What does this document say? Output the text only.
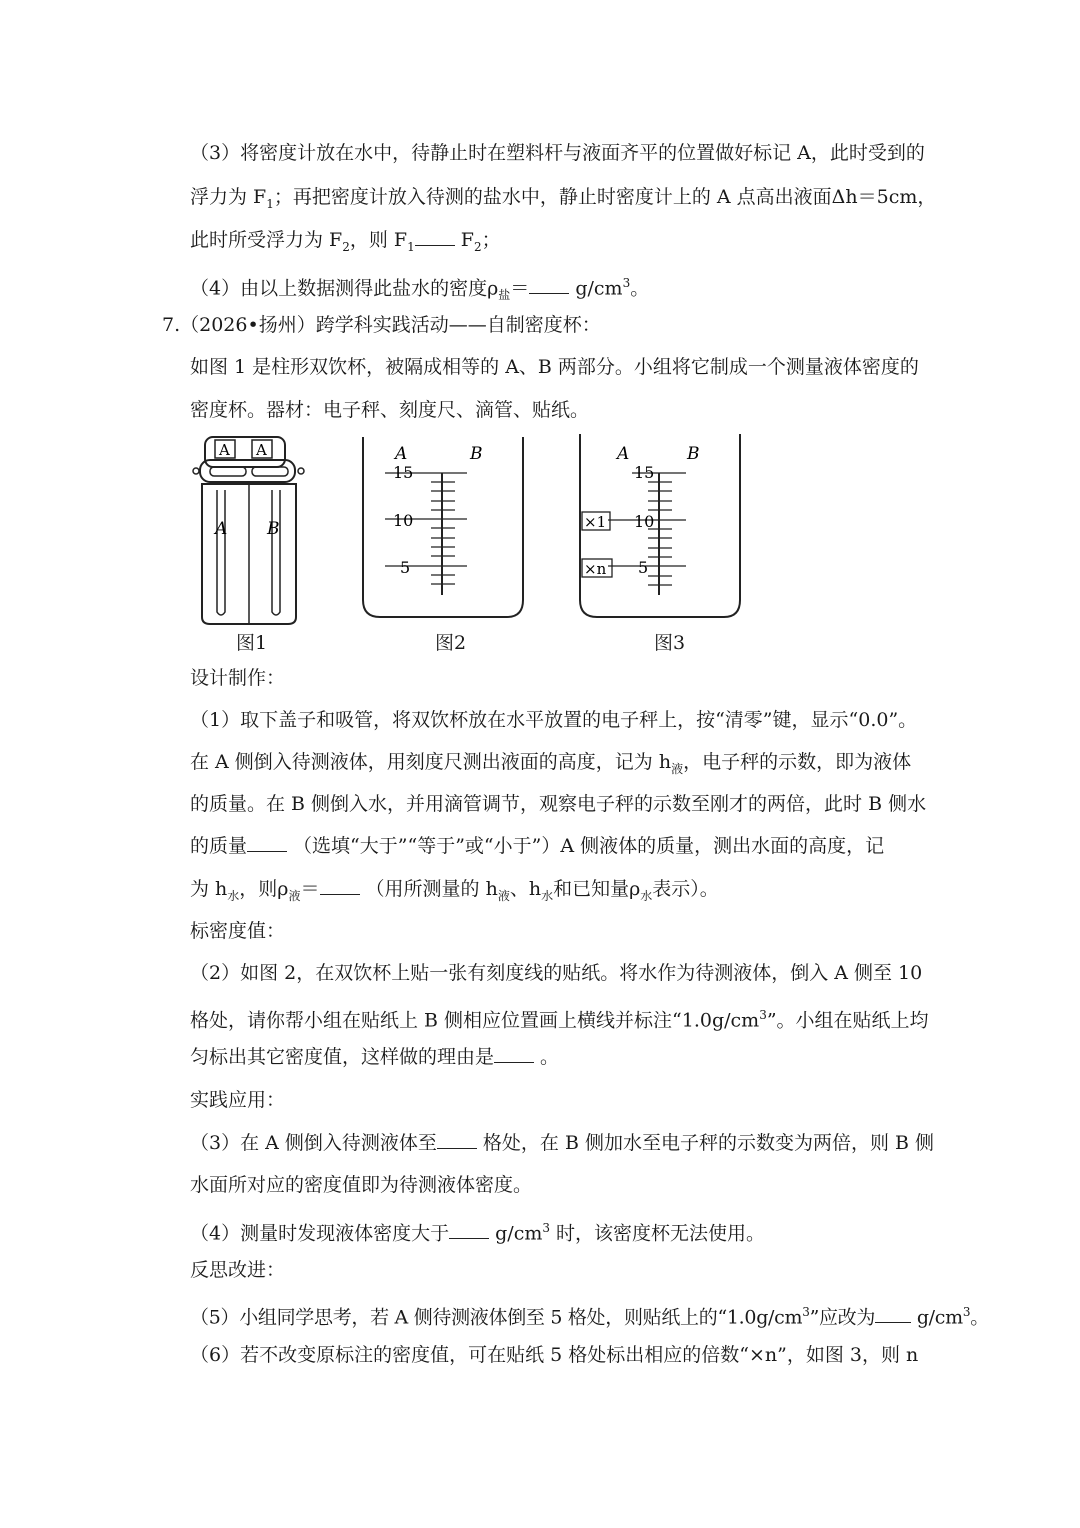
（3）将密度计放在水中，待静止时在塑料杆与液面齐平的位置做好标记 A，此时受到的
浮力为 $F_1$；再把密度计放入待测的盐水中，静止时密度计上的 A 点高出液面Δh＝5cm，
此时所受浮力为 $F_2$，则 $F_1$ $F_2$；
（4）由以上数据测得此盐水的密度$\rho_盐= g/cm^3$。
7.（2026•扬州）跨学科实践活动——自制密度杯：
如图 1 是柱形双饮杯，被隔成相等的 A、B 两部分。小组将它制成一个测量液体密度的
密度杯。器材：电子秤、刻度尺、滴管、贴纸。
A A
A B
图1
A	B
15
10
5
图2
A	B
15
10
5
×1
×n
图3
设计制作：
（1）取下盖子和吸管，将双饮杯放在水平放置的电子秤上，按“清零”键，显示“0.0”。
在 A 侧倒入待测液体，用刻度尺测出液面的高度，记为 $h_液$，电子秤的示数，即为液体
的质量。在 B 侧倒入水，并用滴管调节，观察电子秤的示数至刚才的两倍，此时 B 侧水
的质量 （选填“大于”“等于”或“小于”）A 侧液体的质量，测出水面的高度，记
为 $h_水$，则$\rho_液=$ （用所测量的 $h_液$、$h_水$和已知量$\rho_水$表示）。
标密度值：
（2）如图 2，在双饮杯上贴一张有刻度线的贴纸。将水作为待测液体，倒入 A 侧至 10
格处，请你帮小组在贴纸上 B 侧相应位置画上横线并标注“$1.0g/cm^3$”。小组在贴纸上均
匀标出其它密度值，这样做的理由是 。
实践应用：
（3）在 A 侧倒入待测液体至 格处，在 B 侧加水至电子秤的示数变为两倍，则 B 侧
水面所对应的密度值即为待测液体密度。
（4）测量时发现液体密度大于 $g/cm^3$ 时，该密度杯无法使用。
反思改进：
（5）小组同学思考，若 A 侧待测液体倒至 5 格处，则贴纸上的“$1.0g/cm^3$”应改为 $g/cm^3$。
（6）若不改变原标注的密度值，可在贴纸 5 格处标出相应的倍数“×n”，如图 3，则 n
